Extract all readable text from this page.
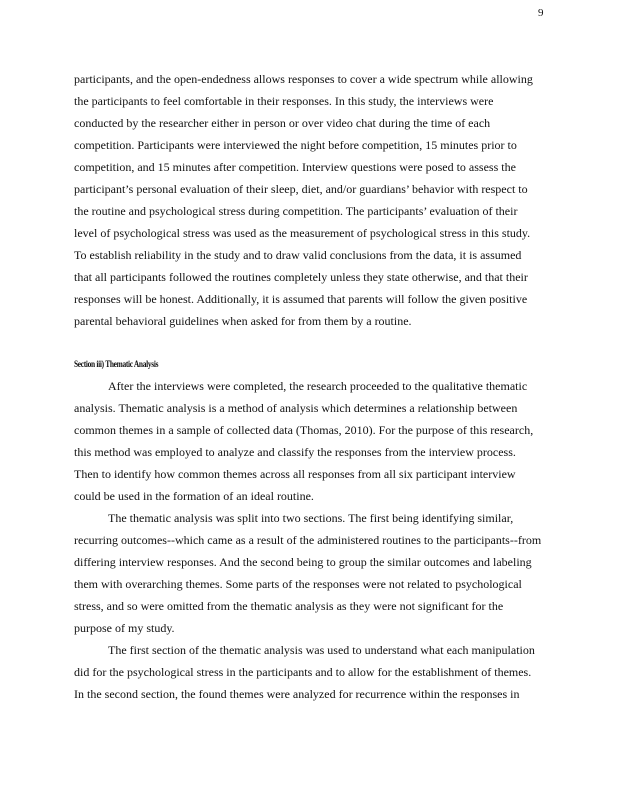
9
participants, and the open-endedness allows responses to cover a wide spectrum while allowing
the participants to feel comfortable in their responses. In this study, the interviews were
conducted by the researcher either in person or over video chat during the time of each
competition. Participants were interviewed the night before competition, 15 minutes prior to
competition, and 15 minutes after competition. Interview questions were posed to assess the
participant’s personal evaluation of their sleep, diet, and/or guardians’ behavior with respect to
the routine and psychological stress during competition. The participants’ evaluation of their
level of psychological stress was used as the measurement of psychological stress in this study.
To establish reliability in the study and to draw valid conclusions from the data, it is assumed
that all participants followed the routines completely unless they state otherwise, and that their
responses will be honest. Additionally, it is assumed that parents will follow the given positive
parental behavioral guidelines when asked for from them by a routine.
Section iii) Thematic Analysis
After the interviews were completed, the research proceeded to the qualitative thematic
analysis. Thematic analysis is a method of analysis which determines a relationship between
common themes in a sample of collected data (Thomas, 2010). For the purpose of this research,
this method was employed to analyze and classify the responses from the interview process.
Then to identify how common themes across all responses from all six participant interview
could be used in the formation of an ideal routine.
The thematic analysis was split into two sections. The first being identifying similar,
recurring outcomes--which came as a result of the administered routines to the participants--from
differing interview responses. And the second being to group the similar outcomes and labeling
them with overarching themes. Some parts of the responses were not related to psychological
stress, and so were omitted from the thematic analysis as they were not significant for the
purpose of my study.
The first section of the thematic analysis was used to understand what each manipulation
did for the psychological stress in the participants and to allow for the establishment of themes.
In the second section, the found themes were analyzed for recurrence within the responses in
